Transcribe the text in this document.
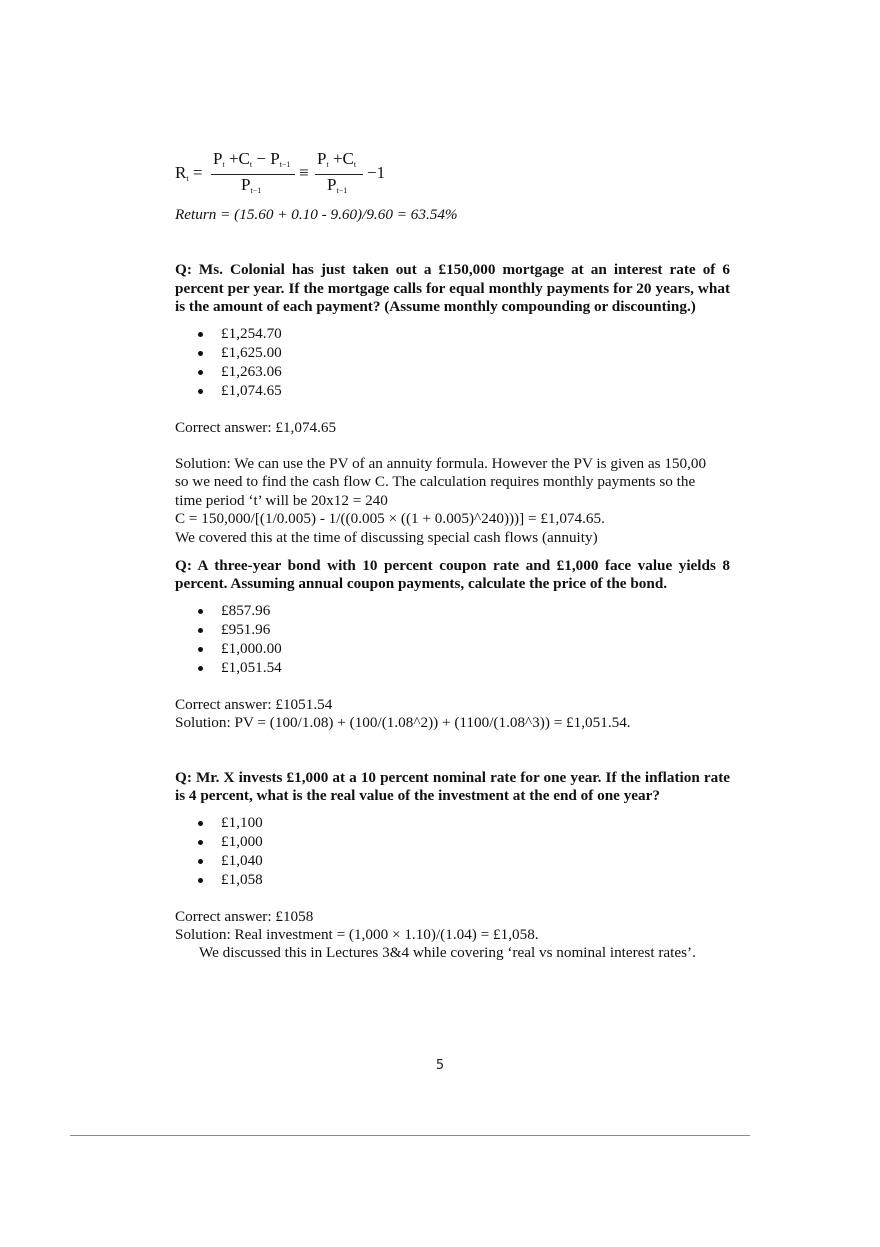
Rt =
Pt +Ct − Pt−1
Pt−1
≡
Pt +Ct
Pt−1
−1
Return = (15.60 + 0.10 - 9.60)/9.60 = 63.54%
Q: Ms. Colonial has just taken out a £150,000 mortgage at an interest rate of 6 percent per year. If the mortgage calls for equal monthly payments for 20 years, what is the amount of each payment? (Assume monthly compounding or discounting.)
£1,254.70
£1,625.00
£1,263.06
£1,074.65
Correct answer: £1,074.65
Solution: We can use the PV of an annuity formula. However the PV is given as 150,00
so we need to find the cash flow C. The calculation requires monthly payments so the
time period ‘t’ will be 20x12 = 240
C = 150,000/[(1/0.005) - 1/((0.005 × ((1 + 0.005)^240)))] = £1,074.65.
We covered this at the time of discussing special cash flows (annuity)
Q: A three-year bond with 10 percent coupon rate and £1,000 face value yields 8 percent. Assuming annual coupon payments, calculate the price of the bond.
£857.96
£951.96
£1,000.00
£1,051.54
Correct answer: £1051.54
Solution: PV = (100/1.08) + (100/(1.08^2)) + (1100/(1.08^3)) = £1,051.54.
Q: Mr. X invests £1,000 at a 10 percent nominal rate for one year. If the inflation rate is 4 percent, what is the real value of the investment at the end of one year?
£1,100
£1,000
£1,040
£1,058
Correct answer: £1058
Solution: Real investment = (1,000 × 1.10)/(1.04) = £1,058.
We discussed this in Lectures 3&4 while covering ‘real vs nominal interest rates’.
5
